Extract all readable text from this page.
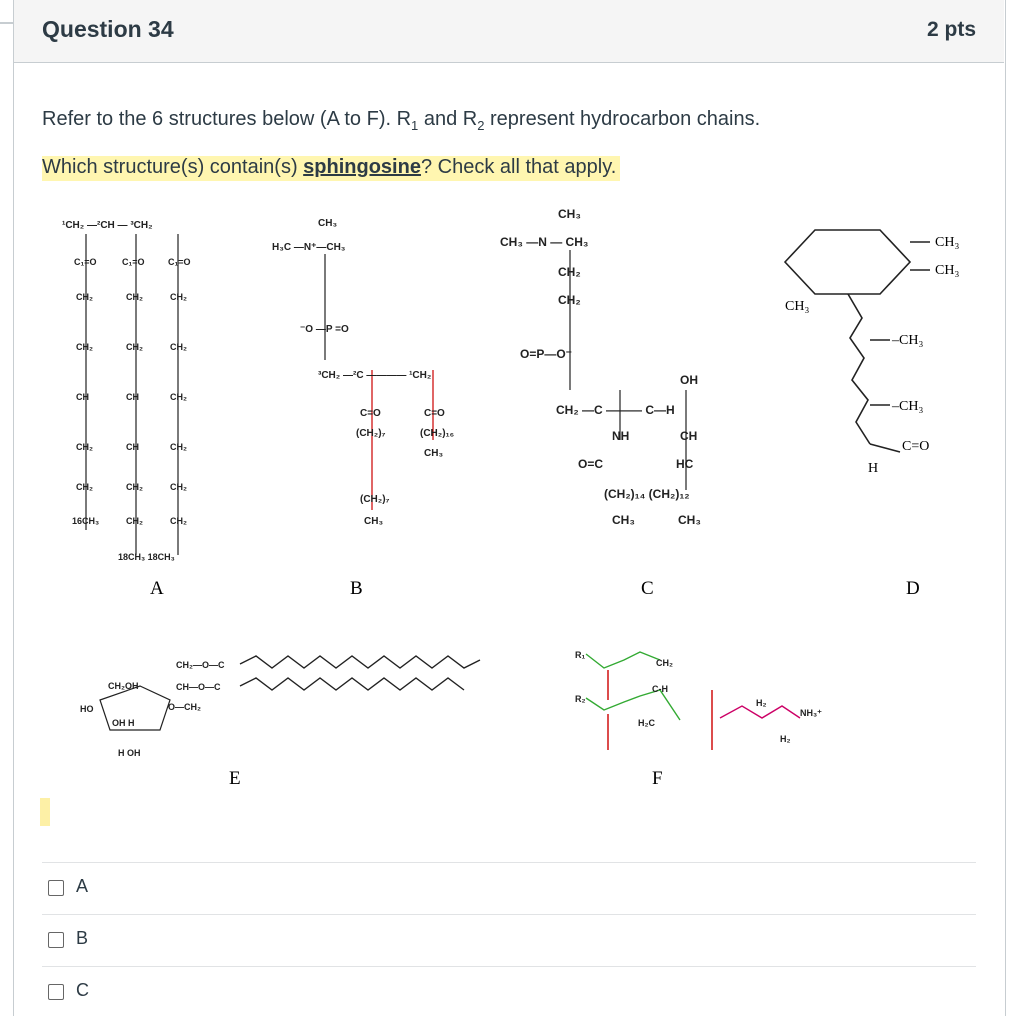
Question 34	2 pts
Refer to the 6 structures below (A to F). $R_1$ and $R_2$ represent hydrocarbon chains.
Which structure(s) contain(s) sphingosine? Check all that apply.
¹CH₂ —²CH — ³CH₂
C₁=O	C₁=O	C₁=O
CH₂	CH₂	CH₂
CH₂	CH₂	CH₂
CH	CH	CH₂
CH₂	CH	CH₂
CH₂	CH₂	CH₂
16CH₃	CH₂	CH₂
18CH₃ 18CH₃
H₃C —N⁺—CH₃
CH₃
⁻O —P =O
³CH₂ —²C ———— ¹CH₂
C=O	C=O
(CH₂)₇	(CH₂)₁₆
CH₃
(CH₂)₇
CH₃
CH₃
CH₃ —N — CH₃
CH₂
CH₂
O=P—O⁻
CH₂ —C ——— C—H
OH
NH	CH
O=C	HC
(CH₂)₁₄ (CH₂)₁₂
CH₃	CH₃
CH₃
CH₃
CH₃
–CH₃
–CH₃
C=O
H
CH₂OH
HO
OH H
H OH
CH₂—O—C
CH—O—C
O—CH₂
R₁
R₂
CH₂
C-H
H₂C
H₂
NH₃⁺
H₂
A	B	C	D
E	F
A
B
C
